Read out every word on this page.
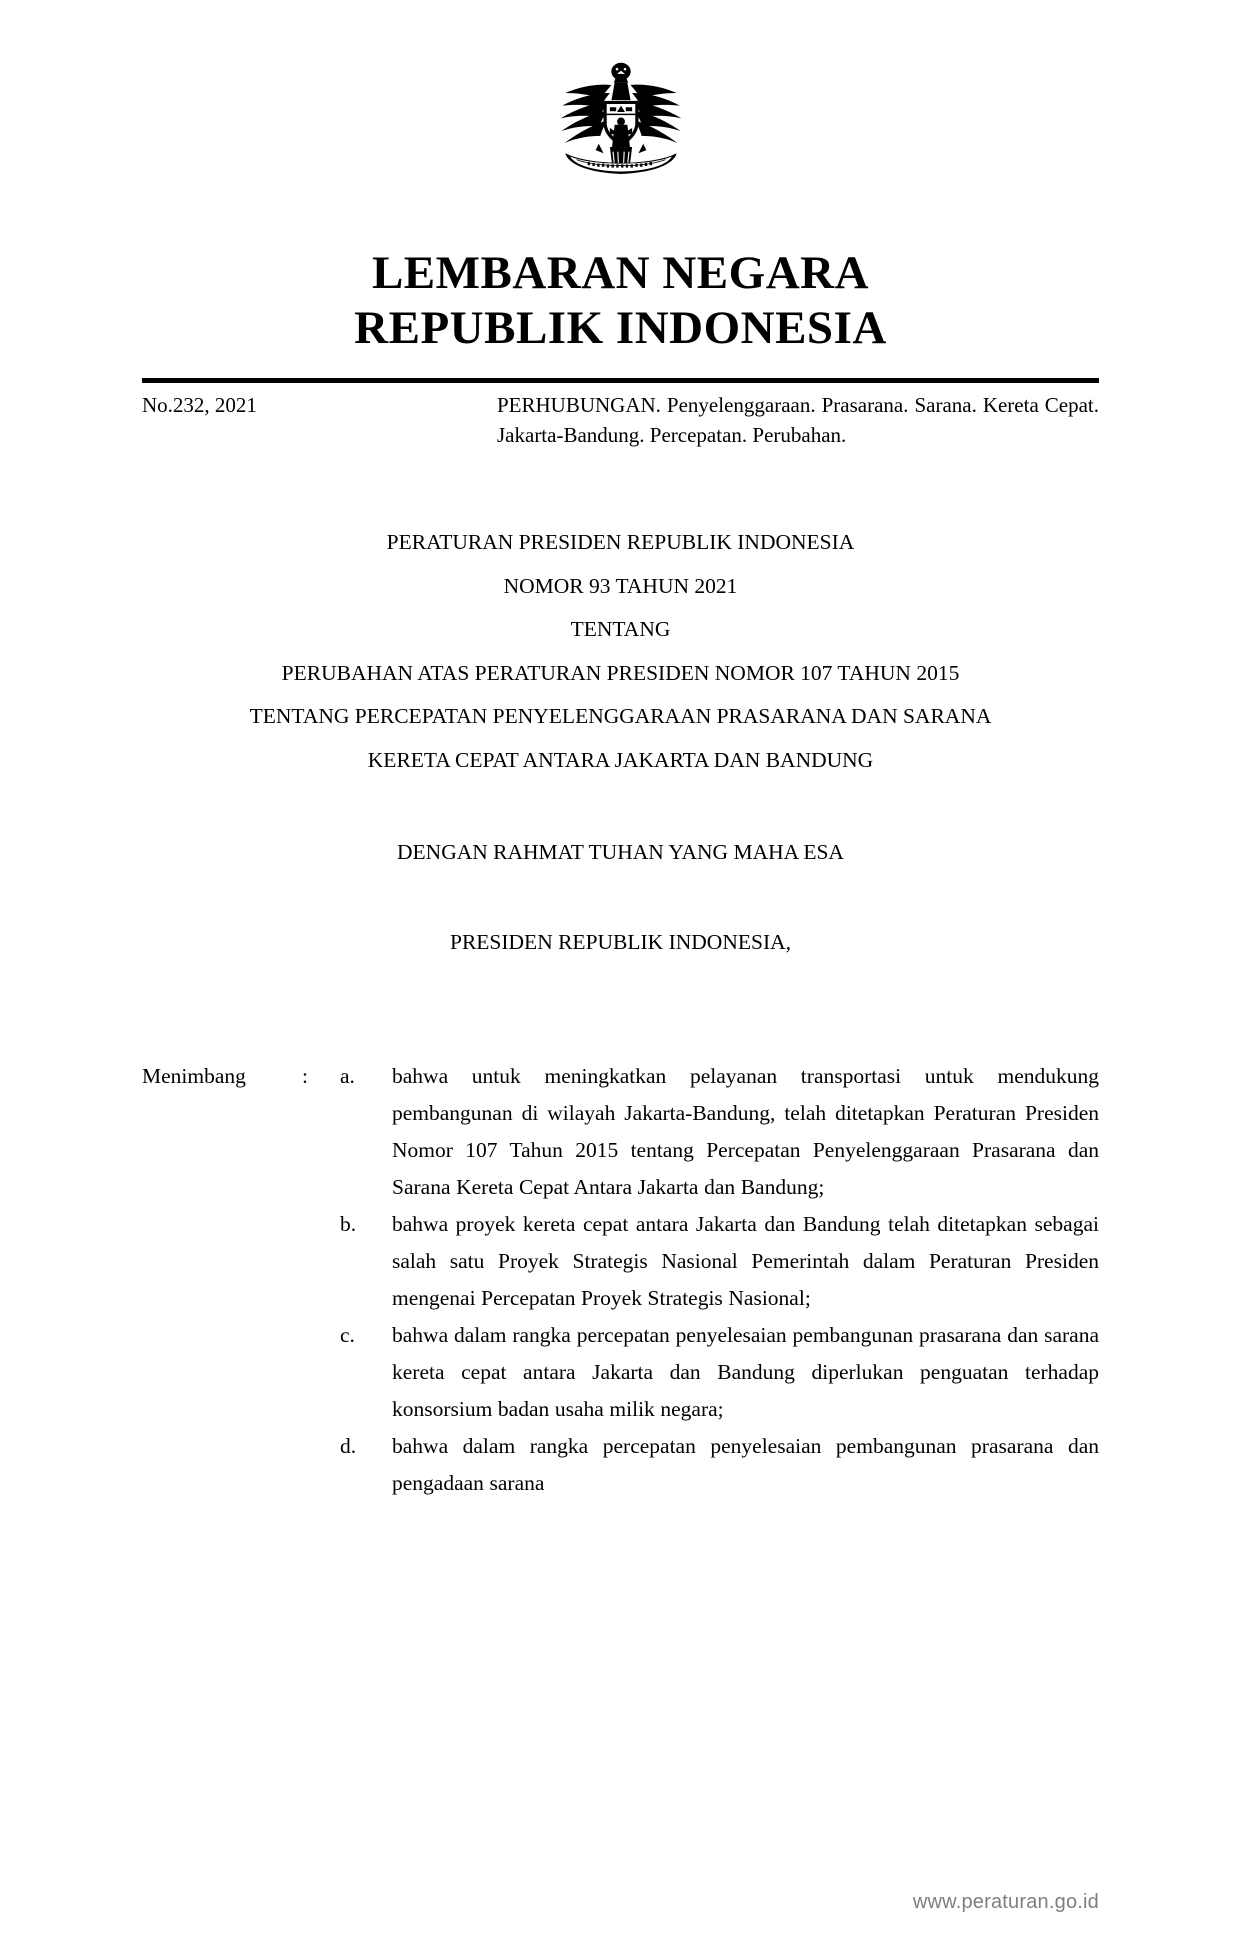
LEMBARAN NEGARA
REPUBLIK INDONESIA
No.232, 2021	PERHUBUNGAN. Penyelenggaraan. Prasarana. Sarana. Kereta Cepat. Jakarta-Bandung. Percepatan. Perubahan.
PERATURAN PRESIDEN REPUBLIK INDONESIA
NOMOR 93 TAHUN 2021
TENTANG
PERUBAHAN ATAS PERATURAN PRESIDEN NOMOR 107 TAHUN 2015
TENTANG PERCEPATAN PENYELENGGARAAN PRASARANA DAN SARANA
KERETA CEPAT ANTARA JAKARTA DAN BANDUNG
DENGAN RAHMAT TUHAN YANG MAHA ESA
PRESIDEN REPUBLIK INDONESIA,
Menimbang	:	a.	bahwa untuk meningkatkan pelayanan transportasi untuk mendukung pembangunan di wilayah Jakarta-Bandung, telah ditetapkan Peraturan Presiden Nomor 107 Tahun 2015 tentang Percepatan Penyelenggaraan Prasarana dan Sarana Kereta Cepat Antara Jakarta dan Bandung;
b.	bahwa proyek kereta cepat antara Jakarta dan Bandung telah ditetapkan sebagai salah satu Proyek Strategis Nasional Pemerintah dalam Peraturan Presiden mengenai Percepatan Proyek Strategis Nasional;
c.	bahwa dalam rangka percepatan penyelesaian pembangunan prasarana dan sarana kereta cepat antara Jakarta dan Bandung diperlukan penguatan terhadap konsorsium badan usaha milik negara;
d.	bahwa dalam rangka percepatan penyelesaian pembangunan prasarana dan pengadaan sarana
www.peraturan.go.id
